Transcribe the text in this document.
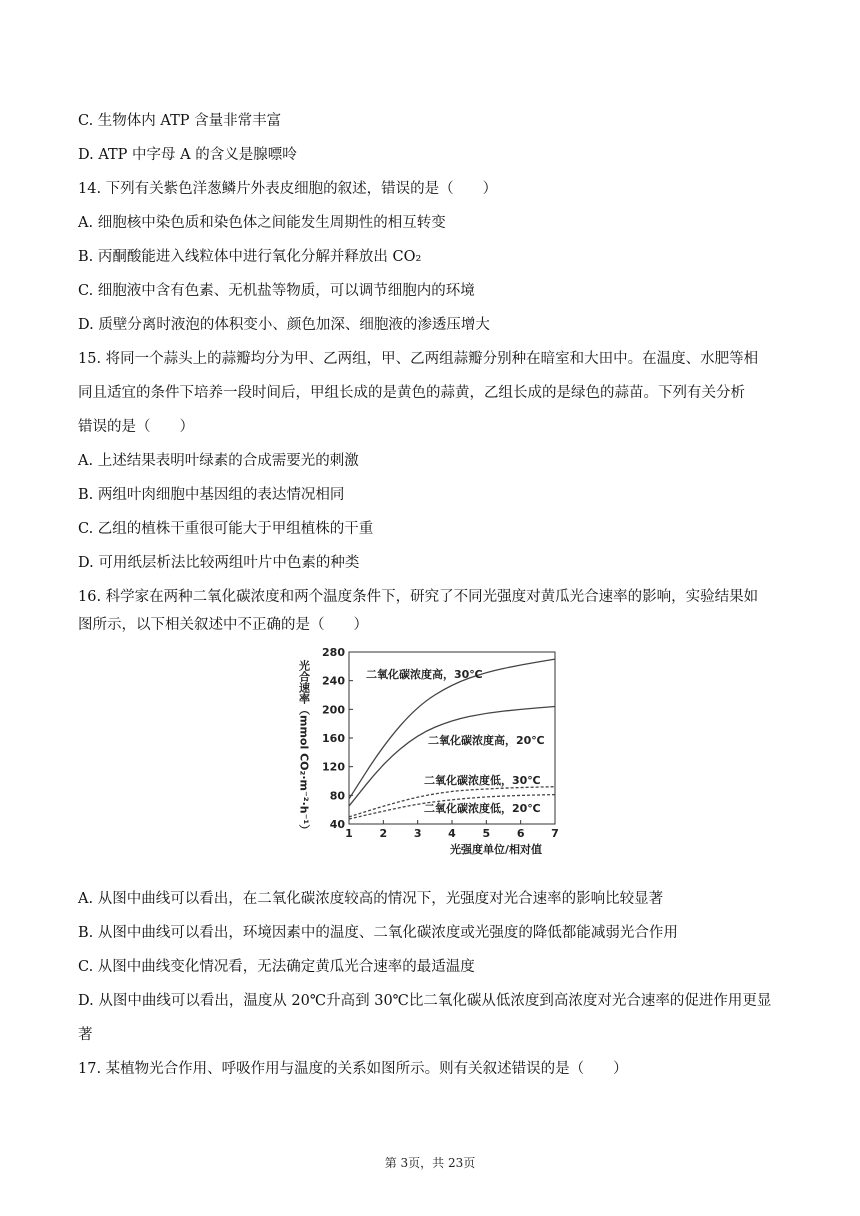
C. 生物体内 ATP 含量非常丰富
D. ATP 中字母 A 的含义是腺嘌呤
14. 下列有关紫色洋葱鳞片外表皮细胞的叙述，错误的是（　　）
A. 细胞核中染色质和染色体之间能发生周期性的相互转变
B. 丙酮酸能进入线粒体中进行氧化分解并释放出 CO₂
C. 细胞液中含有色素、无机盐等物质，可以调节细胞内的环境
D. 质壁分离时液泡的体积变小、颜色加深、细胞液的渗透压增大
15. 将同一个蒜头上的蒜瓣均分为甲、乙两组，甲、乙两组蒜瓣分别种在暗室和大田中。在温度、水肥等相
同且适宜的条件下培养一段时间后，甲组长成的是黄色的蒜黄，乙组长成的是绿色的蒜苗。下列有关分析
错误的是（　　）
A. 上述结果表明叶绿素的合成需要光的刺激
B. 两组叶肉细胞中基因组的表达情况相同
C. 乙组的植株干重很可能大于甲组植株的干重
D. 可用纸层析法比较两组叶片中色素的种类
16. 科学家在两种二氧化碳浓度和两个温度条件下，研究了不同光强度对黄瓜光合速率的影响，实验结果如
图所示，以下相关叙述中不正确的是（　　）
1 2 3 4 5 6 7
40
80
120
160
200
240
280
二氧化碳浓度高，30℃
二氧化碳浓度高，20℃
二氧化碳浓度低，30℃
二氧化碳浓度低，20℃
光合速率（mmol CO₂·m⁻²·h⁻¹）
光强度单位/相对值
A. 从图中曲线可以看出，在二氧化碳浓度较高的情况下，光强度对光合速率的影响比较显著
B. 从图中曲线可以看出，环境因素中的温度、二氧化碳浓度或光强度的降低都能减弱光合作用
C. 从图中曲线变化情况看，无法确定黄瓜光合速率的最适温度
D. 从图中曲线可以看出，温度从 20℃升高到 30℃比二氧化碳从低浓度到高浓度对光合速率的促进作用更显
著
17. 某植物光合作用、呼吸作用与温度的关系如图所示。则有关叙述错误的是（　　）
第 3页，共 23页
